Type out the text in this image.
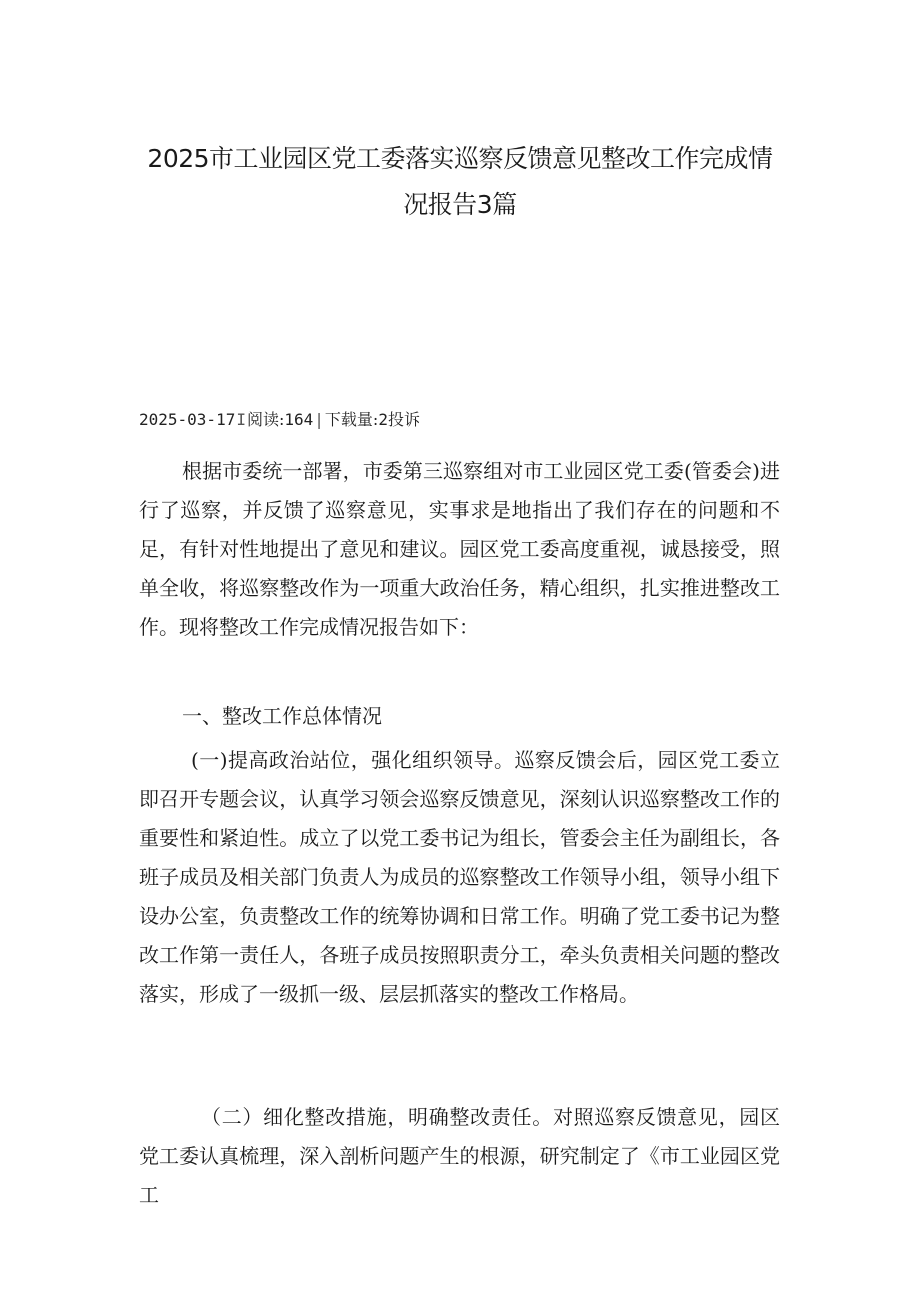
2025市工业园区党工委落实巡察反馈意见整改工作完成情
况报告3篇
2025-03-17I阅读:164|下载量:2投诉
根据市委统一部署，市委第三巡察组对市工业园区党工委(管委会)进行了巡察，并反馈了巡察意见，实事求是地指出了我们存在的问题和不足，有针对性地提出了意见和建议。园区党工委高度重视，诚恳接受，照单全收，将巡察整改作为一项重大政治任务，精心组织，扎实推进整改工作。现将整改工作完成情况报告如下：
一、整改工作总体情况
(一)提高政治站位，强化组织领导。巡察反馈会后，园区党工委立即召开专题会议，认真学习领会巡察反馈意见，深刻认识巡察整改工作的重要性和紧迫性。成立了以党工委书记为组长，管委会主任为副组长，各班子成员及相关部门负责人为成员的巡察整改工作领导小组，领导小组下设办公室，负责整改工作的统筹协调和日常工作。明确了党工委书记为整改工作第一责任人，各班子成员按照职责分工，牵头负责相关问题的整改落实，形成了一级抓一级、层层抓落实的整改工作格局。
（二）细化整改措施，明确整改责任。对照巡察反馈意见，园区党工委认真梳理，深入剖析问题产生的根源，研究制定了《市工业园区党工
